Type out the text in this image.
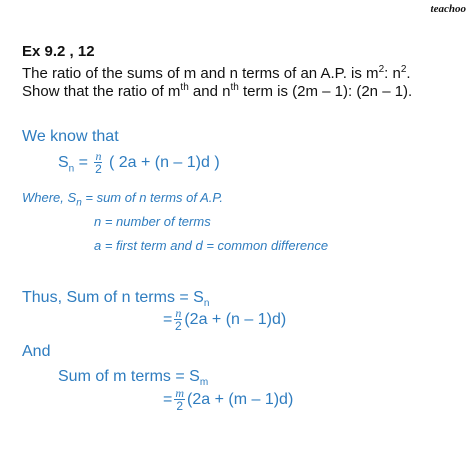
teachoo
Ex 9.2 , 12
The ratio of the sums of m and n terms of an A.P. is $m^2$: $n^2$.
Show that the ratio of $m^{th}$ and $n^{th}$ term is (2m – 1): (2n – 1).
We know that
$S_n = \frac{n}{2}$ ( 2a + (n – 1)d )
Where, $S_n$ = sum of n terms of A.P.
n = number of terms
a = first term and d = common difference
Thus, Sum of n terms = $S_n$
= $\frac{n}{2} (2a + (n - 1)d)$
And
Sum of m terms = $S_m$
= $\frac{m}{2} (2a + (m - 1)d)$
